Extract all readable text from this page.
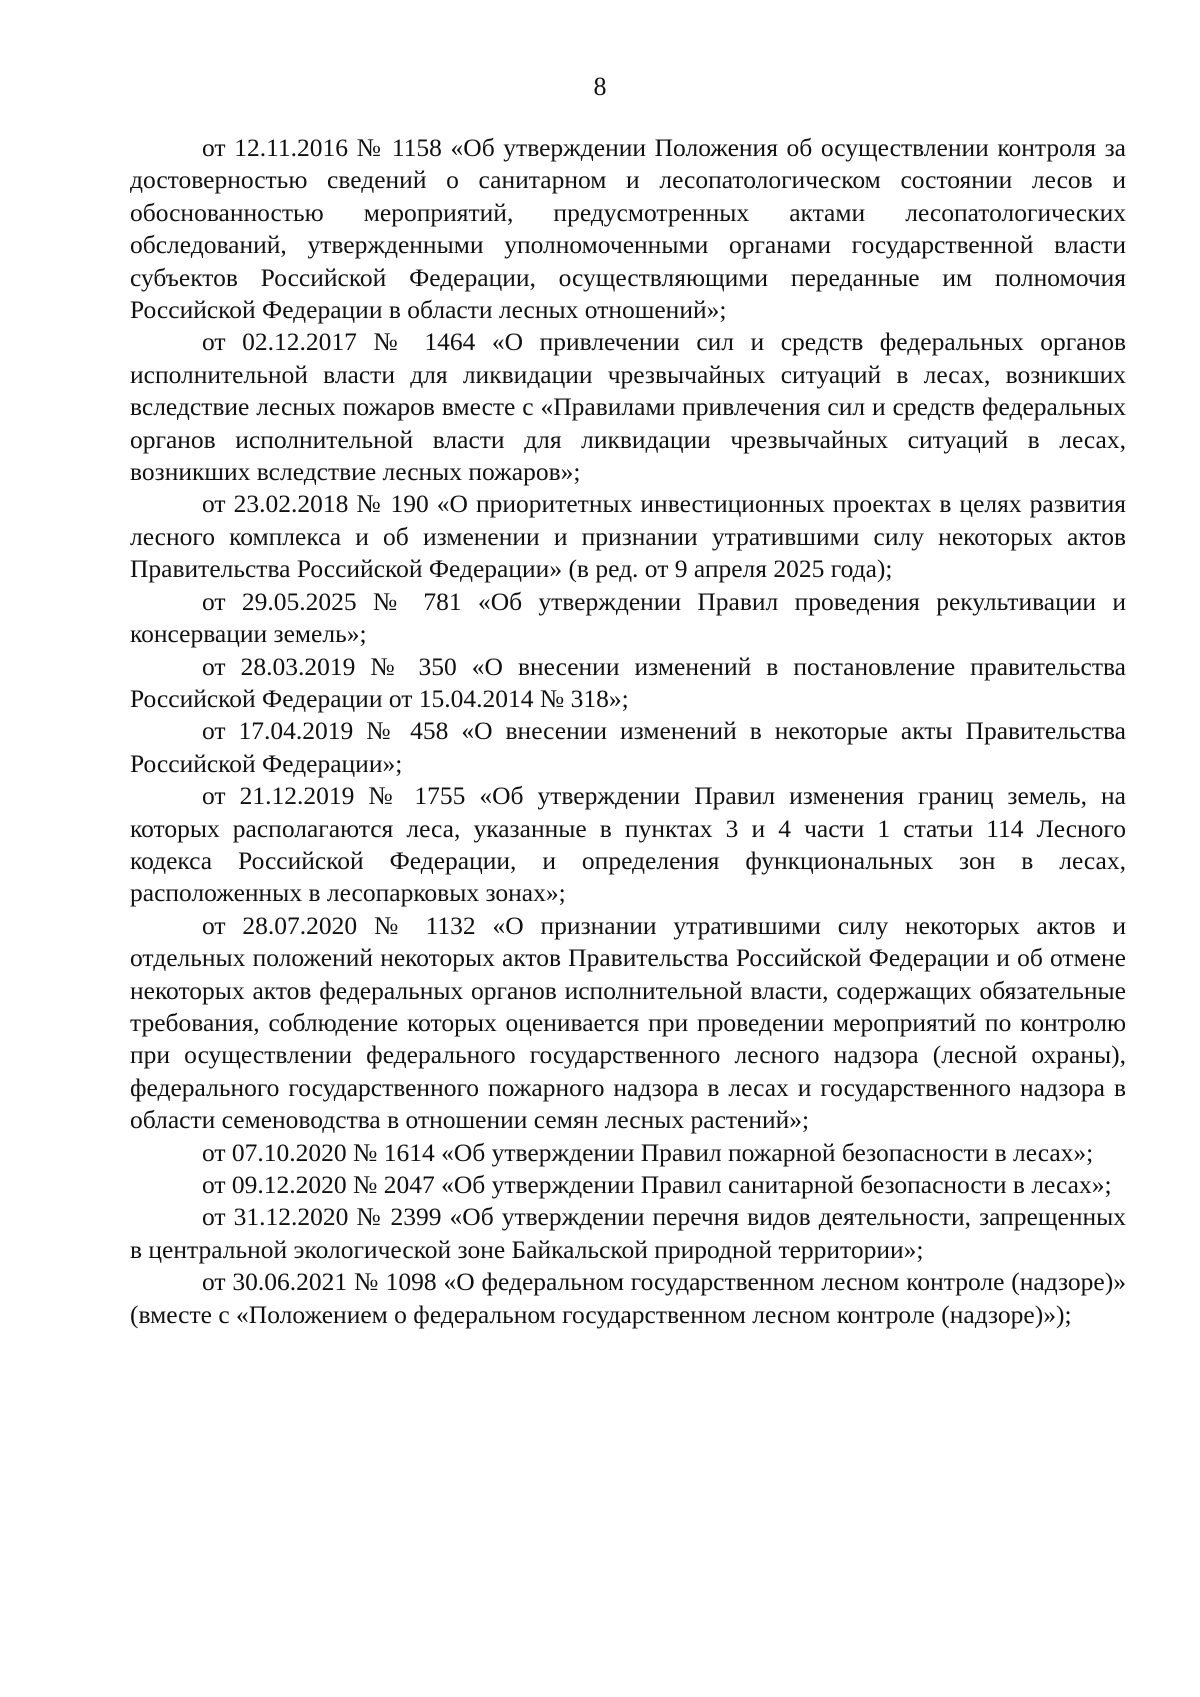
8

от 12.11.2016 № 1158 «Об утверждении Положения об осуществлении контроля за достоверностью сведений о санитарном и лесопатологическом состоянии лесов и обоснованностью мероприятий, предусмотренных актами лесопатологических обследований, утвержденными уполномоченными органами государственной власти субъектов Российской Федерации, осуществляющими переданные им полномочия Российской Федерации в области лесных отношений»;

от 02.12.2017 № 1464 «О привлечении сил и средств федеральных органов исполнительной власти для ликвидации чрезвычайных ситуаций в лесах, возникших вследствие лесных пожаров вместе с «Правилами привлечения сил и средств федеральных органов исполнительной власти для ликвидации чрезвычайных ситуаций в лесах, возникших вследствие лесных пожаров»;

от 23.02.2018 № 190 «О приоритетных инвестиционных проектах в целях развития лесного комплекса и об изменении и признании утратившими силу некоторых актов Правительства Российской Федерации» (в ред. от 9 апреля 2025 года);

от 29.05.2025 № 781 «Об утверждении Правил проведения рекультивации и консервации земель»;

от 28.03.2019 № 350 «О внесении изменений в постановление правительства Российской Федерации от 15.04.2014 № 318»;

от 17.04.2019 № 458 «О внесении изменений в некоторые акты Правительства Российской Федерации»;

от 21.12.2019 № 1755 «Об утверждении Правил изменения границ земель, на которых располагаются леса, указанные в пунктах 3 и 4 части 1 статьи 114 Лесного кодекса Российской Федерации, и определения функциональных зон в лесах, расположенных в лесопарковых зонах»;

от 28.07.2020 № 1132 «О признании утратившими силу некоторых актов и отдельных положений некоторых актов Правительства Российской Федерации и об отмене некоторых актов федеральных органов исполнительной власти, содержащих обязательные требования, соблюдение которых оценивается при проведении мероприятий по контролю при осуществлении федерального государственного лесного надзора (лесной охраны), федерального государственного пожарного надзора в лесах и государственного надзора в области семеноводства в отношении семян лесных растений»;

от 07.10.2020 № 1614 «Об утверждении Правил пожарной безопасности в лесах»;

от 09.12.2020 № 2047 «Об утверждении Правил санитарной безопасности в лесах»;

от 31.12.2020 № 2399 «Об утверждении перечня видов деятельности, запрещенных в центральной экологической зоне Байкальской природной территории»;

от 30.06.2021 № 1098 «О федеральном государственном лесном контроле (надзоре)» (вместе с «Положением о федеральном государственном лесном контроле (надзоре)»);
